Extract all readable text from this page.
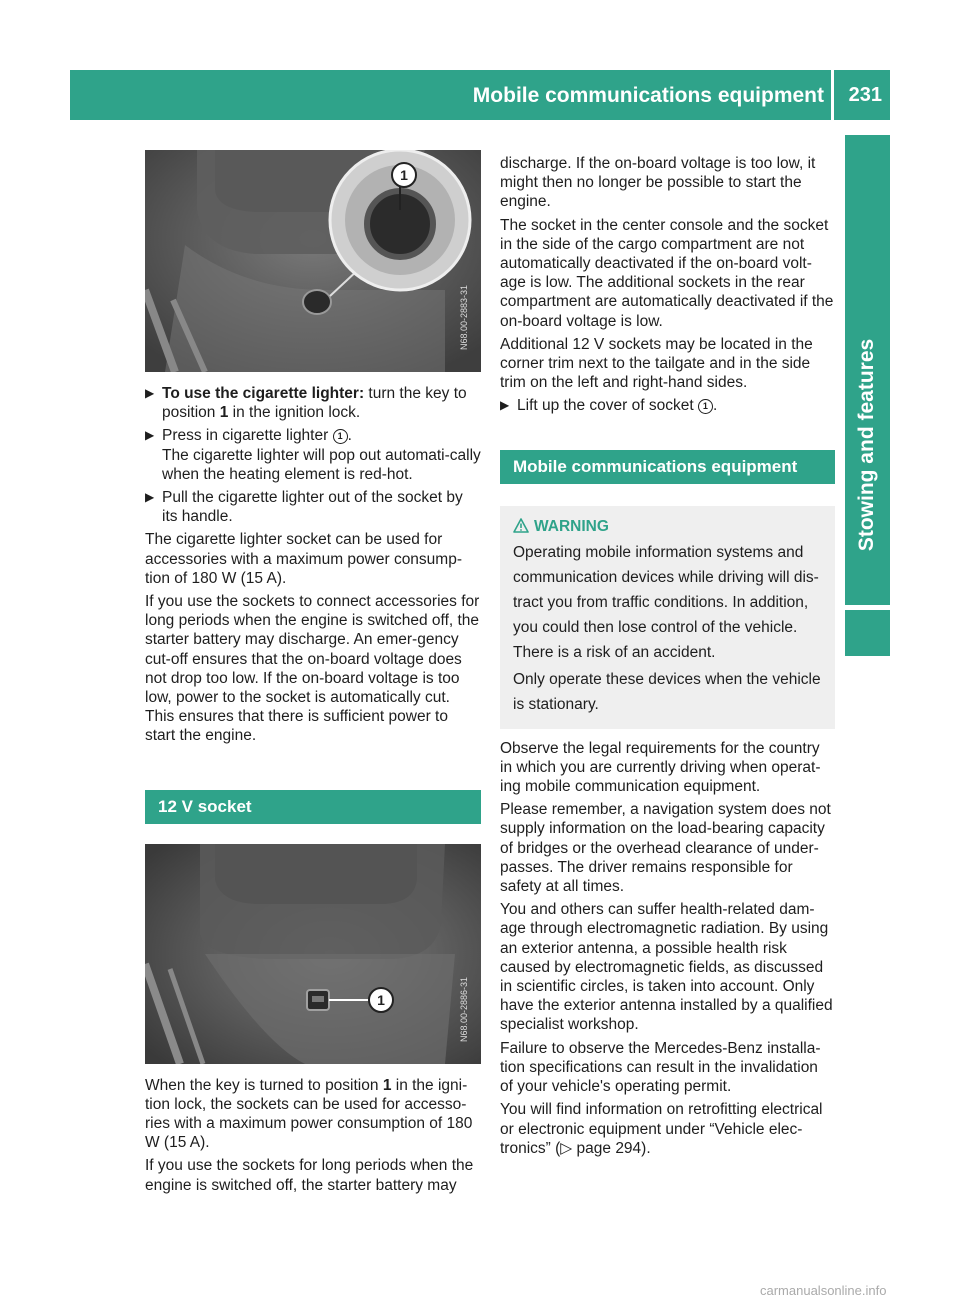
Mobile communications equipment 231
Stowing and features
1
N68.00-2883-31
▶ To use the cigarette lighter: turn the key to position 1 in the ignition lock.
▶ Press in cigarette lighter 1 .
The cigarette lighter will pop out automati-cally when the heating element is red-hot.
▶ Pull the cigarette lighter out of the socket by its handle.

The cigarette lighter socket can be used for accessories with a maximum power consump-tion of 180 W (15 A).

If you use the sockets to connect accessories for long periods when the engine is switched off, the starter battery may discharge. An emer-gency cut-off ensures that the on-board voltage does not drop too low. If the on-board voltage is too low, power to the socket is automatically cut. This ensures that there is sufficient power to start the engine.

12 V socket
1	N68.00-2886-31

When the key is turned to position 1 in the igni-tion lock, the sockets can be used for accesso-ries with a maximum power consumption of 180 W (15 A).

If you use the sockets for long periods when the engine is switched off, the starter battery may

discharge. If the on-board voltage is too low, it might then no longer be possible to start the engine.

The socket in the center console and the socket in the side of the cargo compartment are not automatically deactivated if the on-board volt-age is low. The additional sockets in the rear compartment are automatically deactivated if the on-board voltage is low.

Additional 12 V sockets may be located in the corner trim next to the tailgate and in the side trim on the left and right-hand sides.

▶ Lift up the cover of socket 1 .
Mobile communications equipment
WARNING

Operating mobile information systems and communication devices while driving will dis-tract you from traffic conditions. In addition, you could then lose control of the vehicle. There is a risk of an accident.

Only operate these devices when the vehicle is stationary.

Observe the legal requirements for the country in which you are currently driving when operat-ing mobile communication equipment.

Please remember, a navigation system does not supply information on the load-bearing capacity of bridges or the overhead clearance of under-passes. The driver remains responsible for safety at all times.

You and others can suffer health-related dam-age through electromagnetic radiation. By using an exterior antenna, a possible health risk caused by electromagnetic fields, as discussed in scientific circles, is taken into account. Only have the exterior antenna installed by a qualified specialist workshop.

Failure to observe the Mercedes-Benz installa-tion specifications can result in the invalidation of your vehicle's operating permit.

You will find information on retrofitting electrical or electronic equipment under “Vehicle elec-tronics” (▷ page 294).

carmanualsonline.info
